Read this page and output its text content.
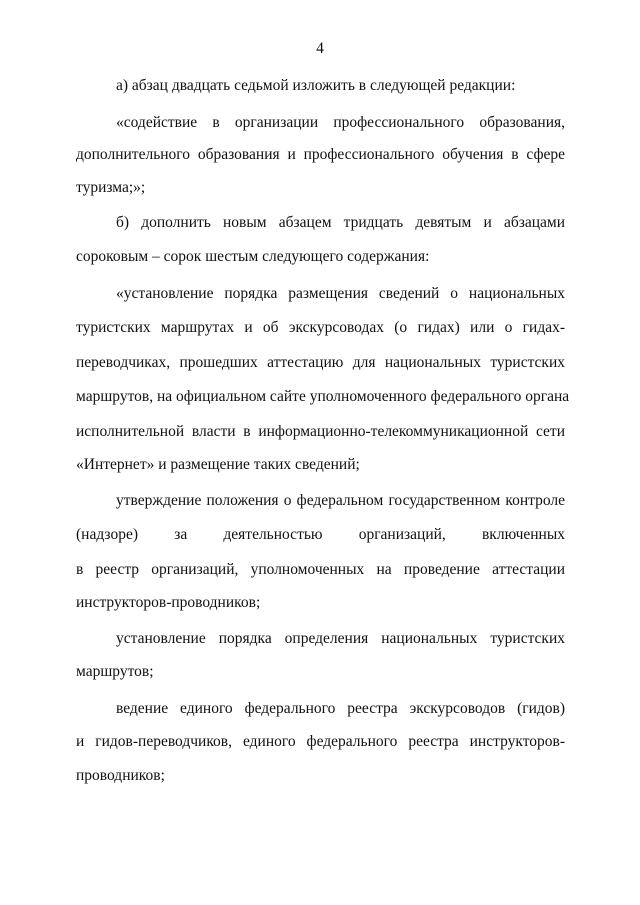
4
а) абзац двадцать седьмой изложить в следующей редакции:
«содействие в организации профессионального образования,
дополнительного образования и профессионального обучения в сфере
туризма;»;
б) дополнить новым абзацем тридцать девятым и абзацами
сороковым – сорок шестым следующего содержания:
«установление порядка размещения сведений о национальных
туристских маршрутах и об экскурсоводах (о гидах) или о гидах-
переводчиках, прошедших аттестацию для национальных туристских
маршрутов, на официальном сайте уполномоченного федерального органа
исполнительной власти в информационно-телекоммуникационной сети
«Интернет» и размещение таких сведений;
утверждение положения о федеральном государственном контроле
(надзоре) за деятельностью организаций, включенных
в реестр организаций, уполномоченных на проведение аттестации
инструкторов-проводников;
установление порядка определения национальных туристских
маршрутов;
ведение единого федерального реестра экскурсоводов (гидов)
и гидов-переводчиков, единого федерального реестра инструкторов-
проводников;
